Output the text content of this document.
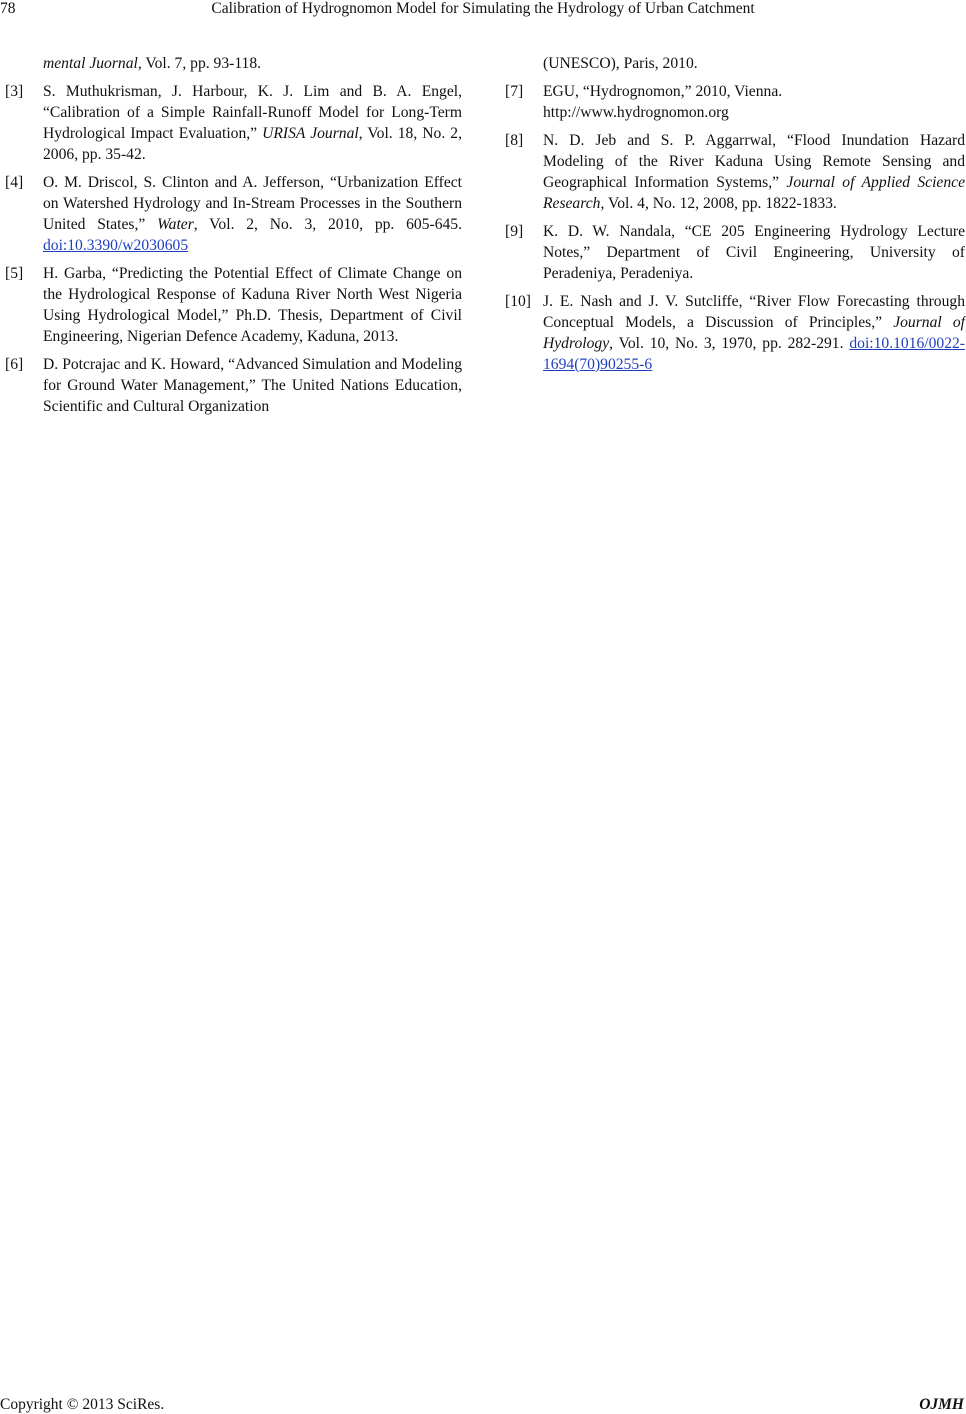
78	Calibration of Hydrognomon Model for Simulating the Hydrology of Urban Catchment
mental Juornal, Vol. 7, pp. 93-118.
[3] S. Muthukrisman, J. Harbour, K. J. Lim and B. A. Engel, “Calibration of a Simple Rainfall-Runoff Model for Long-Term Hydrological Impact Evaluation,” URISA Journal, Vol. 18, No. 2, 2006, pp. 35-42.
[4] O. M. Driscol, S. Clinton and A. Jefferson, “Urbanization Effect on Watershed Hydrology and In-Stream Processes in the Southern United States,” Water, Vol. 2, No. 3, 2010, pp. 605-645. doi:10.3390/w2030605
[5] H. Garba, “Predicting the Potential Effect of Climate Change on the Hydrological Response of Kaduna River North West Nigeria Using Hydrological Model,” Ph.D. Thesis, Department of Civil Engineering, Nigerian Defence Academy, Kaduna, 2013.
[6] D. Potcrajac and K. Howard, “Advanced Simulation and Modeling for Ground Water Management,” The United Nations Education, Scientific and Cultural Organization
(UNESCO), Paris, 2010.
[7] EGU, “Hydrognomon,” 2010, Vienna. http://www.hydrognomon.org
[8] N. D. Jeb and S. P. Aggarrwal, “Flood Inundation Hazard Modeling of the River Kaduna Using Remote Sensing and Geographical Information Systems,” Journal of Applied Science Research, Vol. 4, No. 12, 2008, pp. 1822-1833.
[9] K. D. W. Nandala, “CE 205 Engineering Hydrology Lecture Notes,” Department of Civil Engineering, University of Peradeniya, Peradeniya.
[10] J. E. Nash and J. V. Sutcliffe, “River Flow Forecasting through Conceptual Models, a Discussion of Principles,” Journal of Hydrology, Vol. 10, No. 3, 1970, pp. 282-291. doi:10.1016/0022-1694(70)90255-6
Copyright © 2013 SciRes.	OJMH
